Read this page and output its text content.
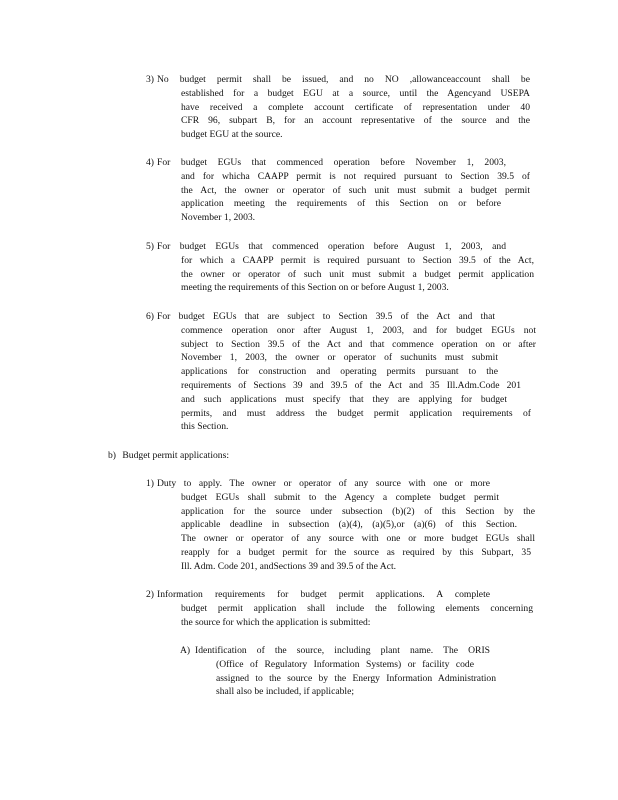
3) No budget permit shall be issued, and no NO ,allowanceaccount shall be
established for a budget EGU at a source, until the Agencyand USEPA
have received a complete account certificate of representation under 40
CFR 96, subpart B, for an account representative of the source and the
budget EGU at the source.
4) For budget EGUs that commenced operation before November 1, 2003,
and for whicha CAAPP permit is not required pursuant to Section 39.5 of
the Act, the owner or operator of such unit must submit a budget permit
application meeting the requirements of this Section on or before
November 1, 2003.
5) For budget EGUs that commenced operation before August 1, 2003, and
for which a CAAPP permit is required pursuant to Section 39.5 of the Act,
the owner or operator of such unit must submit a budget permit application
meeting the requirements of this Section on or before August 1, 2003.
6) For budget EGUs that are subject to Section 39.5 of the Act and that
commence operation onor after August 1, 2003, and for budget EGUs not
subject to Section 39.5 of the Act and that commence operation on or after
November 1, 2003, the owner or operator of suchunits must submit
applications for construction and operating permits pursuant to the
requirements of Sections 39 and 39.5 of the Act and 35 Ill.Adm.Code 201
and such applications must specify that they are applying for budget
permits, and must address the budget permit application requirements of
this Section.
b) Budget permit applications:
1) Duty to apply. The owner or operator of any source with one or more
budget EGUs shall submit to the Agency a complete budget permit
application for the source under subsection (b)(2) of this Section by the
applicable deadline in subsection (a)(4), (a)(5),or (a)(6) of this Section.
The owner or operator of any source with one or more budget EGUs shall
reapply for a budget permit for the source as required by this Subpart, 35
Ill. Adm. Code 201, andSections 39 and 39.5 of the Act.
2) Information requirements for budget permit applications. A complete
budget permit application shall include the following elements concerning
the source for which the application is submitted:
A) Identification of the source, including plant name. The ORIS
(Office of Regulatory Information Systems) or facility code
assigned to the source by the Energy Information Administration
shall also be included, if applicable;
